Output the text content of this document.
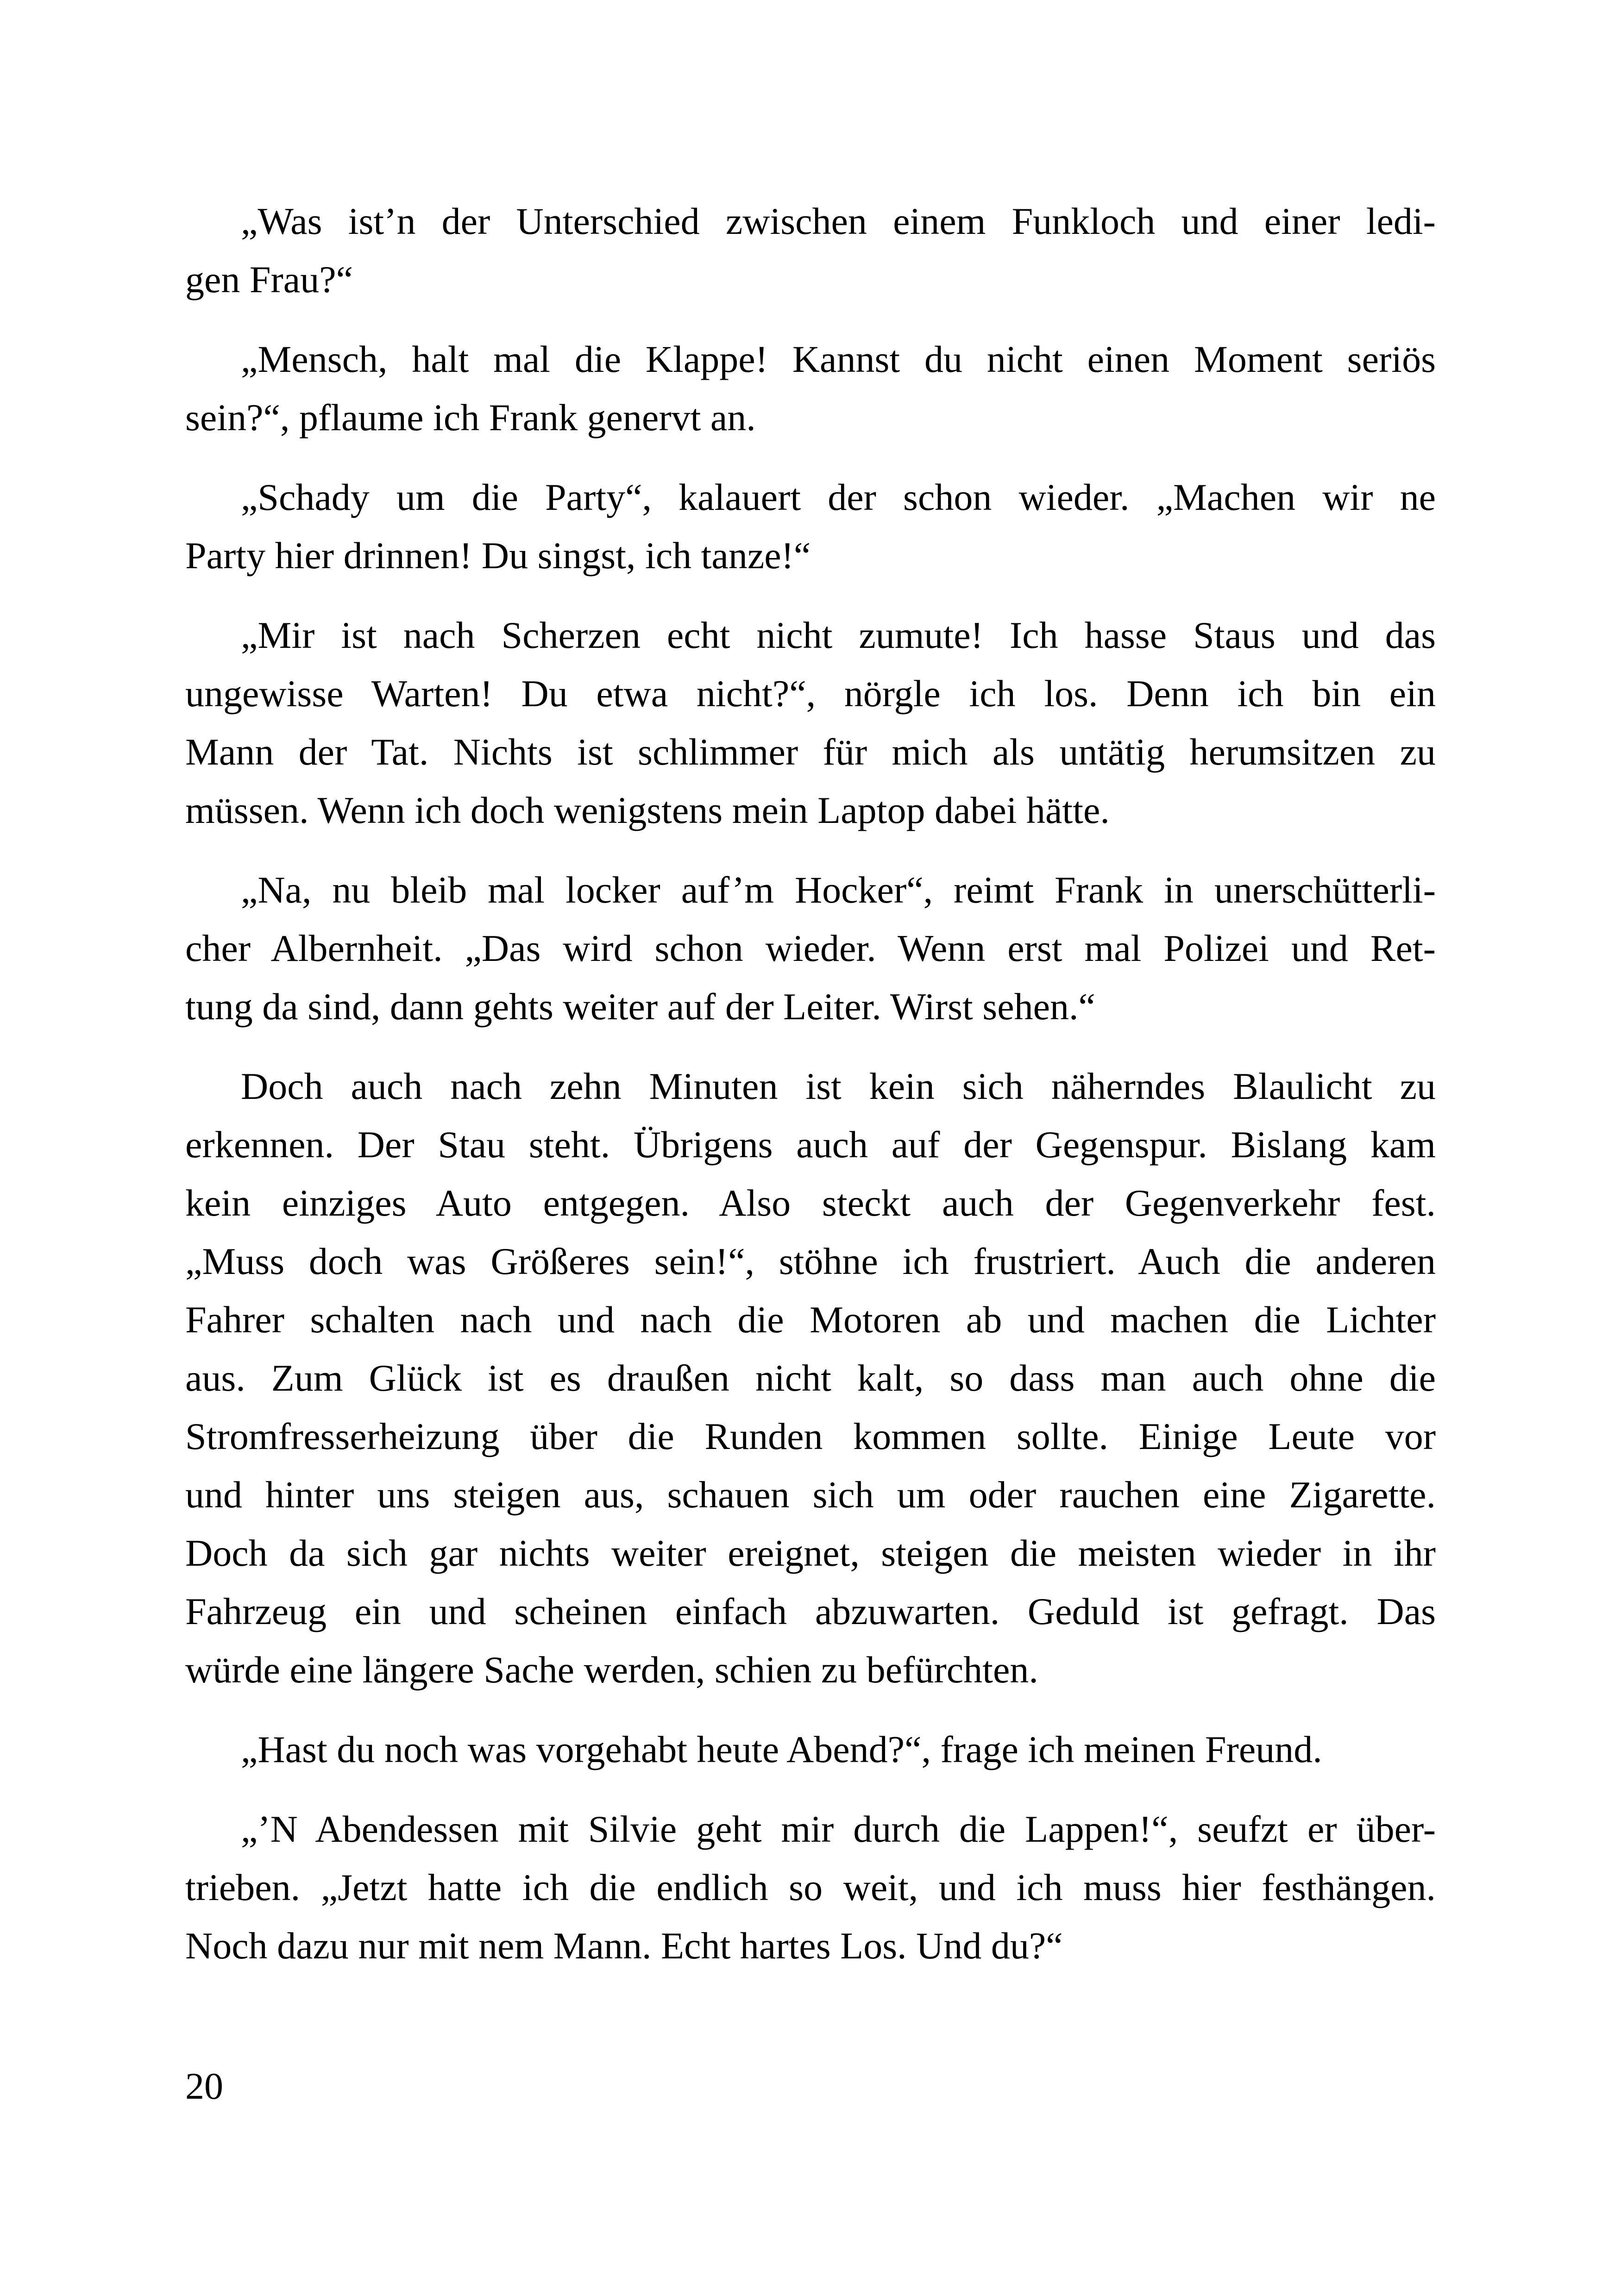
„Was ist’n der Unterschied zwischen einem Funkloch und einer ledi-
gen Frau?“
„Mensch, halt mal die Klappe! Kannst du nicht einen Moment seriös
sein?“, pflaume ich Frank genervt an.
„Schady um die Party“, kalauert der schon wieder. „Machen wir ne
Party hier drinnen! Du singst, ich tanze!“
„Mir ist nach Scherzen echt nicht zumute! Ich hasse Staus und das
ungewisse Warten! Du etwa nicht?“, nörgle ich los. Denn ich bin ein
Mann der Tat. Nichts ist schlimmer für mich als untätig herumsitzen zu
müssen. Wenn ich doch wenigstens mein Laptop dabei hätte.
„Na, nu bleib mal locker auf’m Hocker“, reimt Frank in unerschütterli-
cher Albernheit. „Das wird schon wieder. Wenn erst mal Polizei und Ret-
tung da sind, dann gehts weiter auf der Leiter. Wirst sehen.“
Doch auch nach zehn Minuten ist kein sich näherndes Blaulicht zu
erkennen. Der Stau steht. Übrigens auch auf der Gegenspur. Bislang kam
kein einziges Auto entgegen. Also steckt auch der Gegenverkehr fest.
„Muss doch was Größeres sein!“, stöhne ich frustriert. Auch die anderen
Fahrer schalten nach und nach die Motoren ab und machen die Lichter
aus. Zum Glück ist es draußen nicht kalt, so dass man auch ohne die
Stromfresserheizung über die Runden kommen sollte. Einige Leute vor
und hinter uns steigen aus, schauen sich um oder rauchen eine Zigarette.
Doch da sich gar nichts weiter ereignet, steigen die meisten wieder in ihr
Fahrzeug ein und scheinen einfach abzuwarten. Geduld ist gefragt. Das
würde eine längere Sache werden, schien zu befürchten.
„Hast du noch was vorgehabt heute Abend?“, frage ich meinen Freund.
„’N Abendessen mit Silvie geht mir durch die Lappen!“, seufzt er über-
trieben. „Jetzt hatte ich die endlich so weit, und ich muss hier festhängen.
Noch dazu nur mit nem Mann. Echt hartes Los. Und du?“
20
